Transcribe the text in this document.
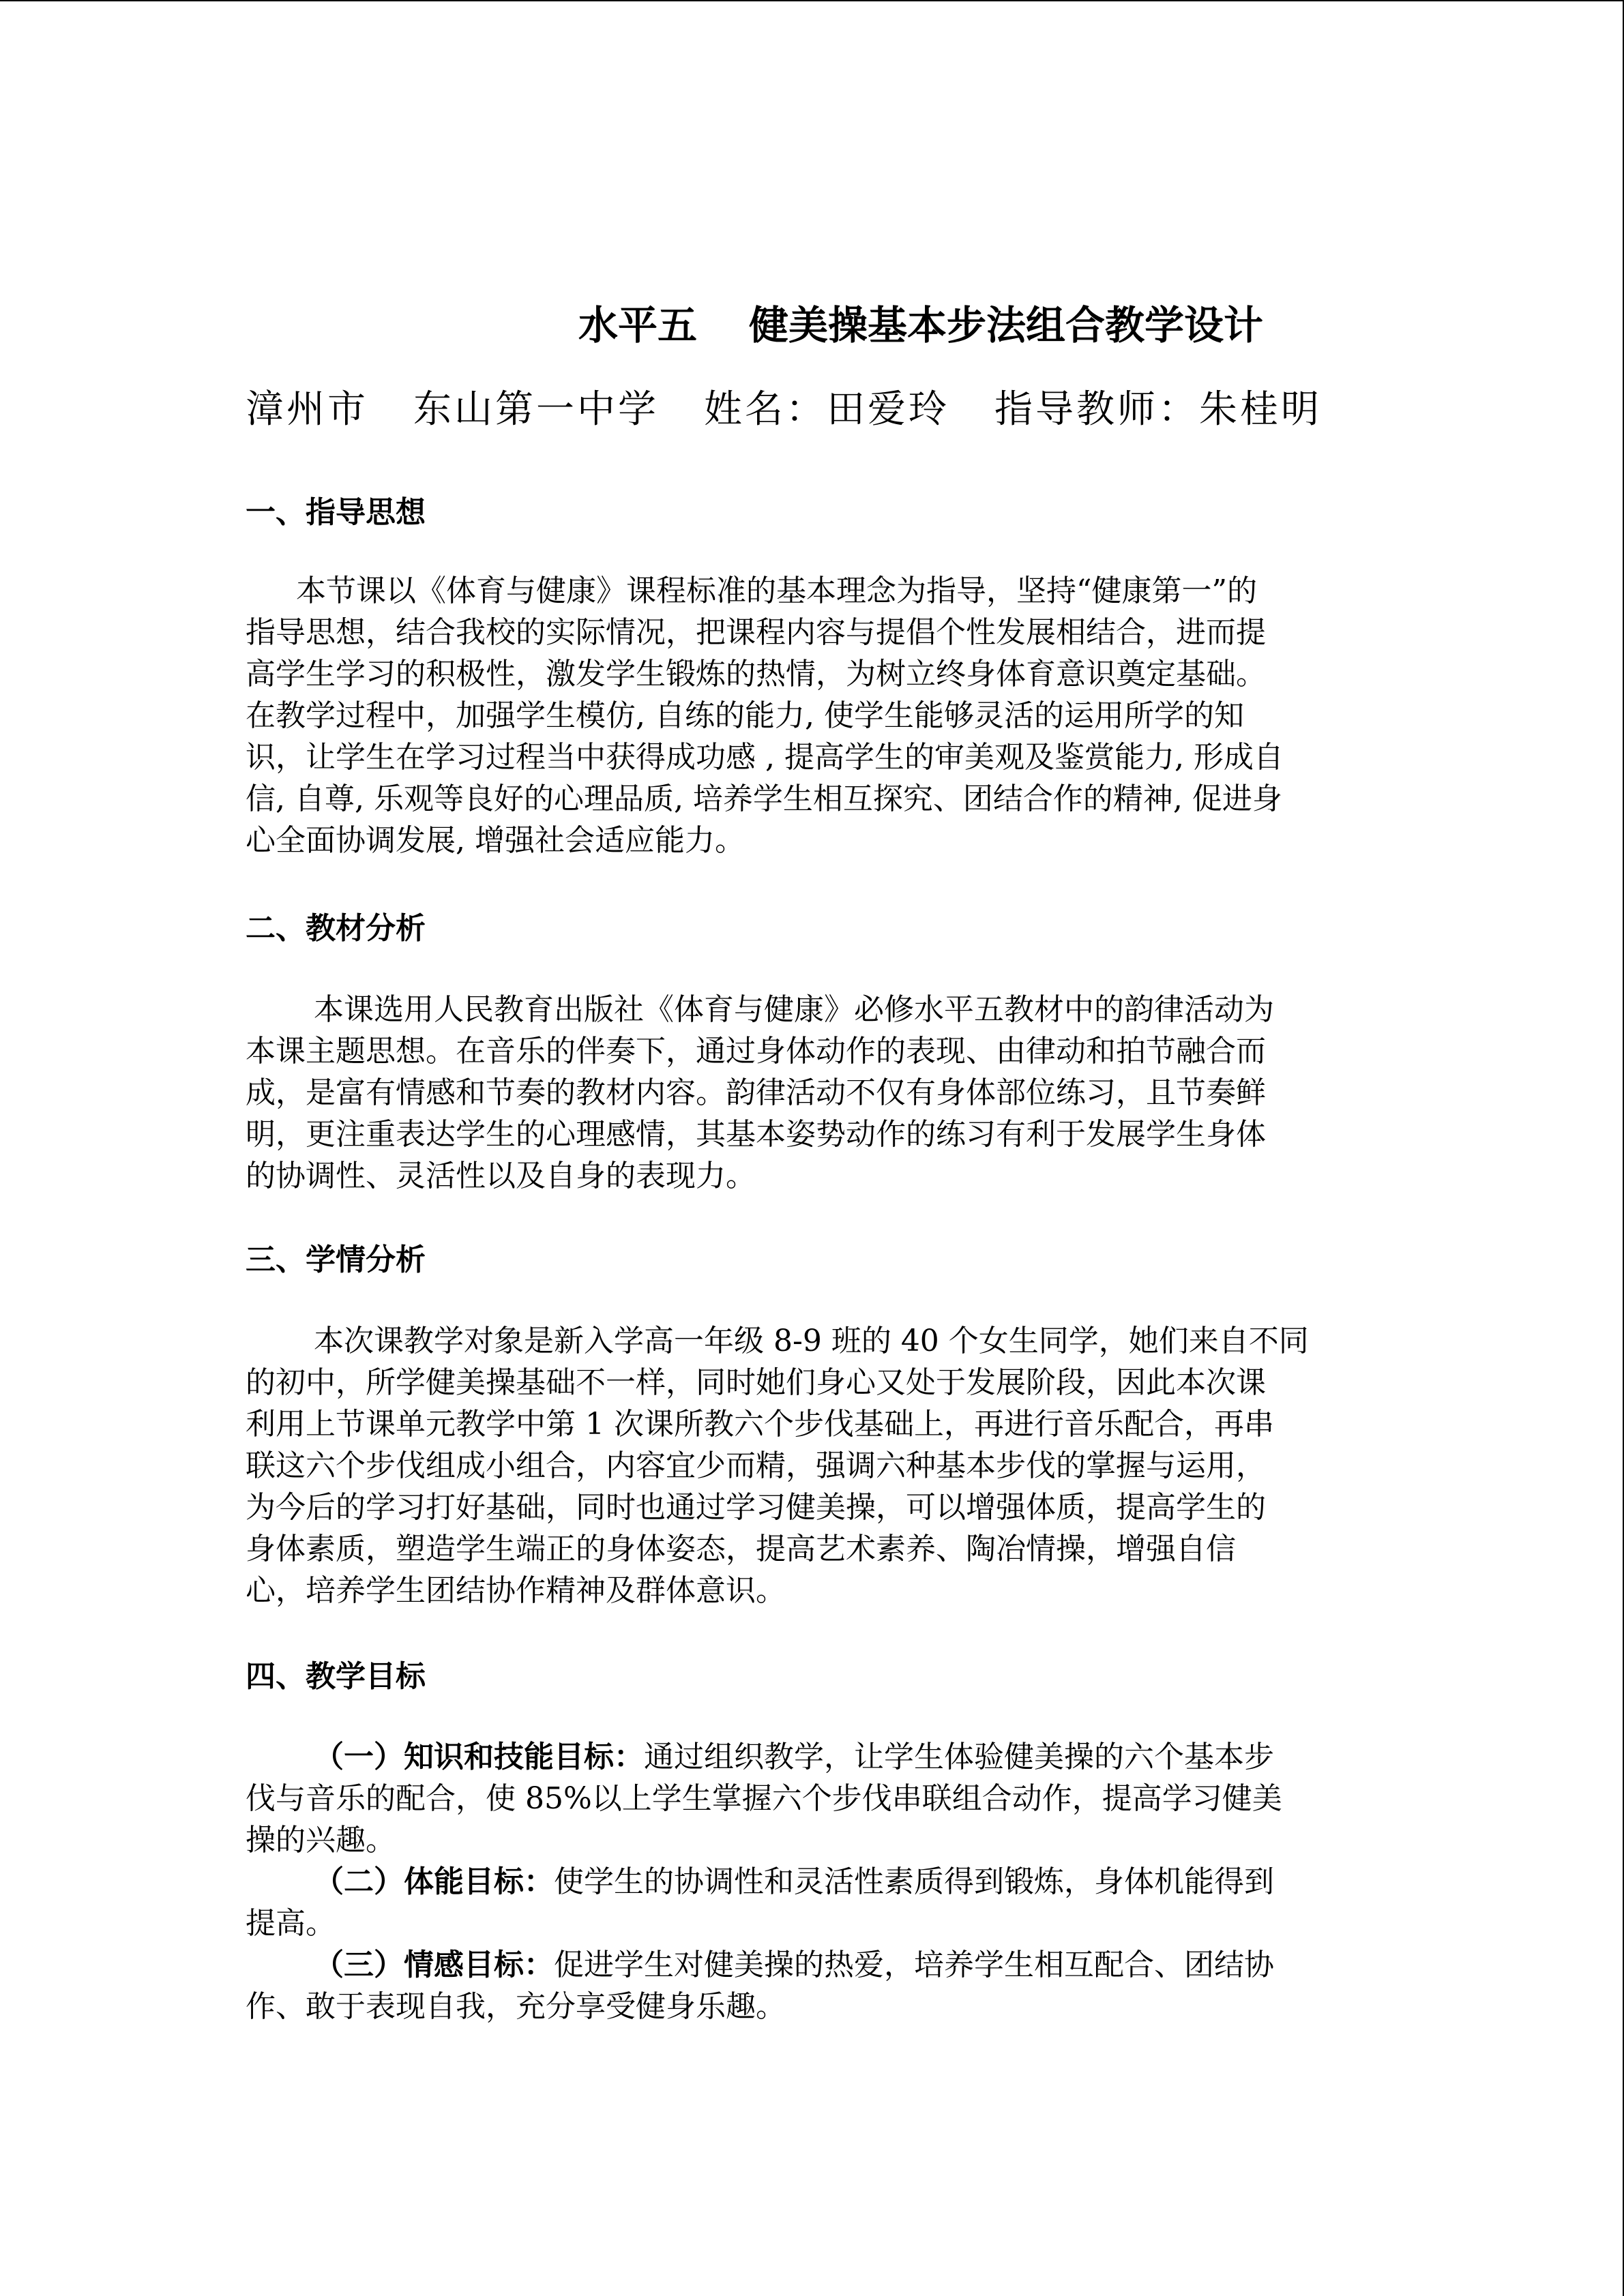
水平五 健美操基本步法组合教学设计
漳州市 东山第一中学 姓名：田爱玲 指导教师：朱桂明
一、指导思想
本节课以《体育与健康》课程标准的基本理念为指导，坚持“健康第一”的
指导思想，结合我校的实际情况，把课程内容与提倡个性发展相结合，进而提
高学生学习的积极性，激发学生锻炼的热情，为树立终身体育意识奠定基础。
在教学过程中，加强学生模仿, 自练的能力, 使学生能够灵活的运用所学的知
识，让学生在学习过程当中获得成功感 , 提高学生的审美观及鉴赏能力, 形成自
信, 自尊, 乐观等良好的心理品质, 培养学生相互探究、团结合作的精神, 促进身
心全面协调发展, 增强社会适应能力。
二、教材分析
本课选用人民教育出版社《体育与健康》必修水平五教材中的韵律活动为
本课主题思想。在音乐的伴奏下，通过身体动作的表现、由律动和拍节融合而
成，是富有情感和节奏的教材内容。韵律活动不仅有身体部位练习，且节奏鲜
明，更注重表达学生的心理感情，其基本姿势动作的练习有利于发展学生身体
的协调性、灵活性以及自身的表现力。
三、学情分析
本次课教学对象是新入学高一年级 8-9 班的 40 个女生同学，她们来自不同
的初中，所学健美操基础不一样，同时她们身心又处于发展阶段，因此本次课
利用上节课单元教学中第 1 次课所教六个步伐基础上，再进行音乐配合，再串
联这六个步伐组成小组合，内容宜少而精，强调六种基本步伐的掌握与运用，
为今后的学习打好基础，同时也通过学习健美操，可以增强体质，提高学生的
身体素质，塑造学生端正的身体姿态，提高艺术素养、陶冶情操，增强自信
心，培养学生团结协作精神及群体意识。
四、教学目标
（一）知识和技能目标：通过组织教学，让学生体验健美操的六个基本步
伐与音乐的配合，使 85%以上学生掌握六个步伐串联组合动作，提高学习健美
操的兴趣。
（二）体能目标：使学生的协调性和灵活性素质得到锻炼，身体机能得到
提高。
（三）情感目标：促进学生对健美操的热爱，培养学生相互配合、团结协
作、敢于表现自我，充分享受健身乐趣。
